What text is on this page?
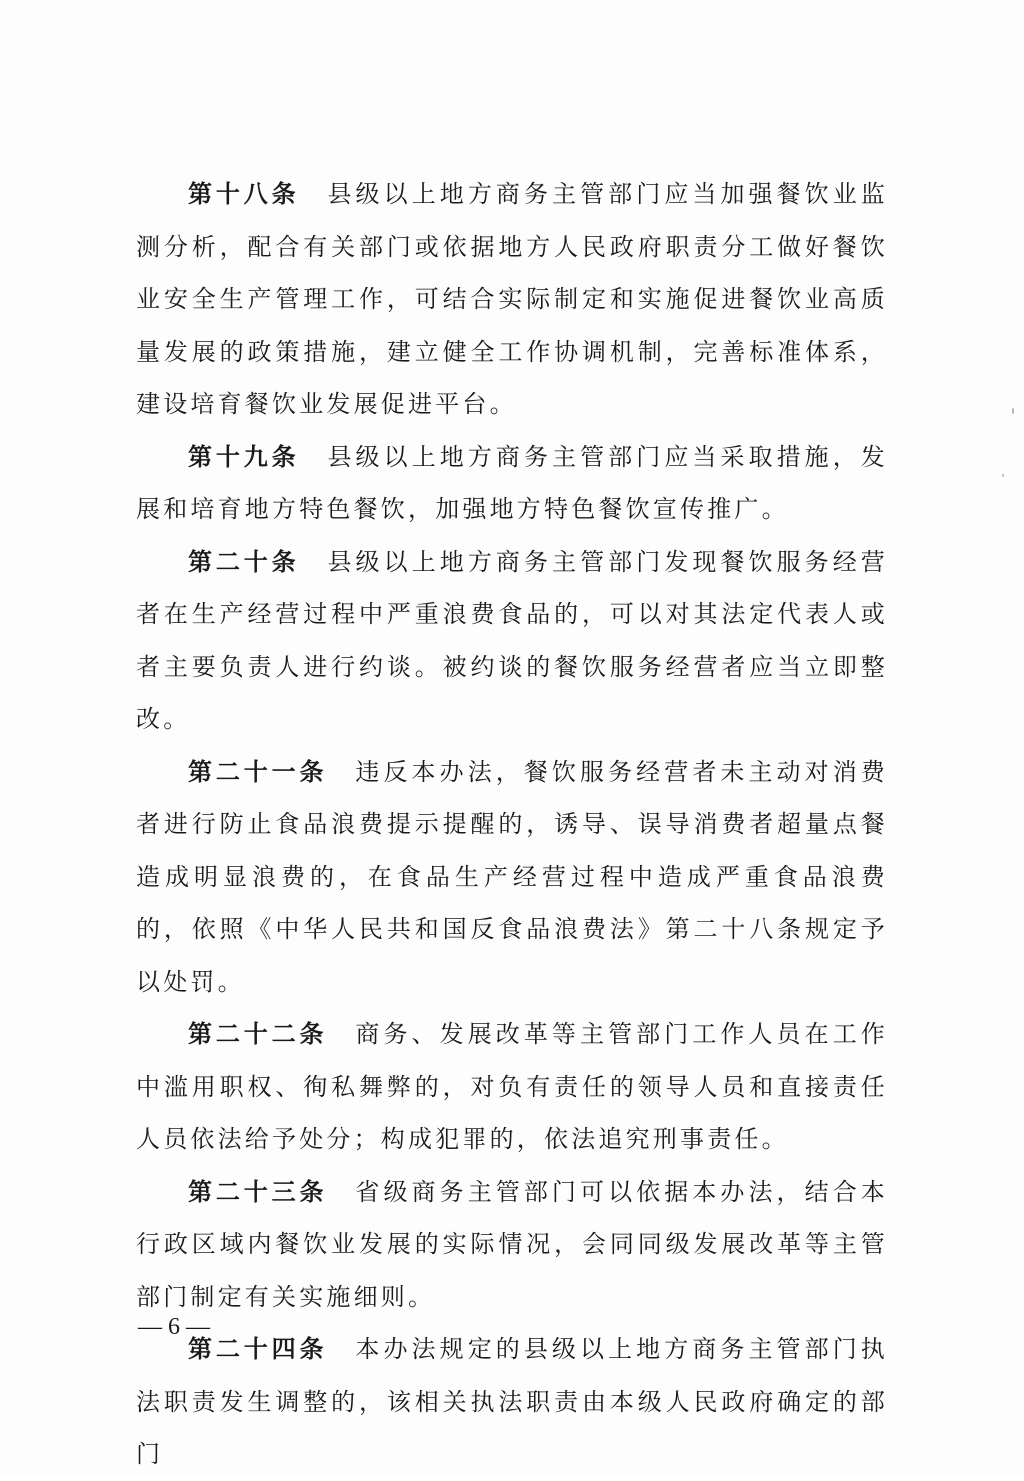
第十八条 县级以上地方商务主管部门应当加强餐饮业监测分析，配合有关部门或依据地方人民政府职责分工做好餐饮业安全生产管理工作，可结合实际制定和实施促进餐饮业高质量发展的政策措施，建立健全工作协调机制，完善标准体系，建设培育餐饮业发展促进平台。

第十九条 县级以上地方商务主管部门应当采取措施，发展和培育地方特色餐饮，加强地方特色餐饮宣传推广。

第二十条 县级以上地方商务主管部门发现餐饮服务经营者在生产经营过程中严重浪费食品的，可以对其法定代表人或者主要负责人进行约谈。被约谈的餐饮服务经营者应当立即整改。

第二十一条 违反本办法，餐饮服务经营者未主动对消费者进行防止食品浪费提示提醒的，诱导、误导消费者超量点餐造成明显浪费的，在食品生产经营过程中造成严重食品浪费的，依照《中华人民共和国反食品浪费法》第二十八条规定予以处罚。

第二十二条 商务、发展改革等主管部门工作人员在工作中滥用职权、徇私舞弊的，对负有责任的领导人员和直接责任人员依法给予处分；构成犯罪的，依法追究刑事责任。

第二十三条 省级商务主管部门可以依据本办法，结合本行政区域内餐饮业发展的实际情况，会同同级发展改革等主管部门制定有关实施细则。

第二十四条 本办法规定的县级以上地方商务主管部门执法职责发生调整的，该相关执法职责由本级人民政府确定的部门

— 6 —
